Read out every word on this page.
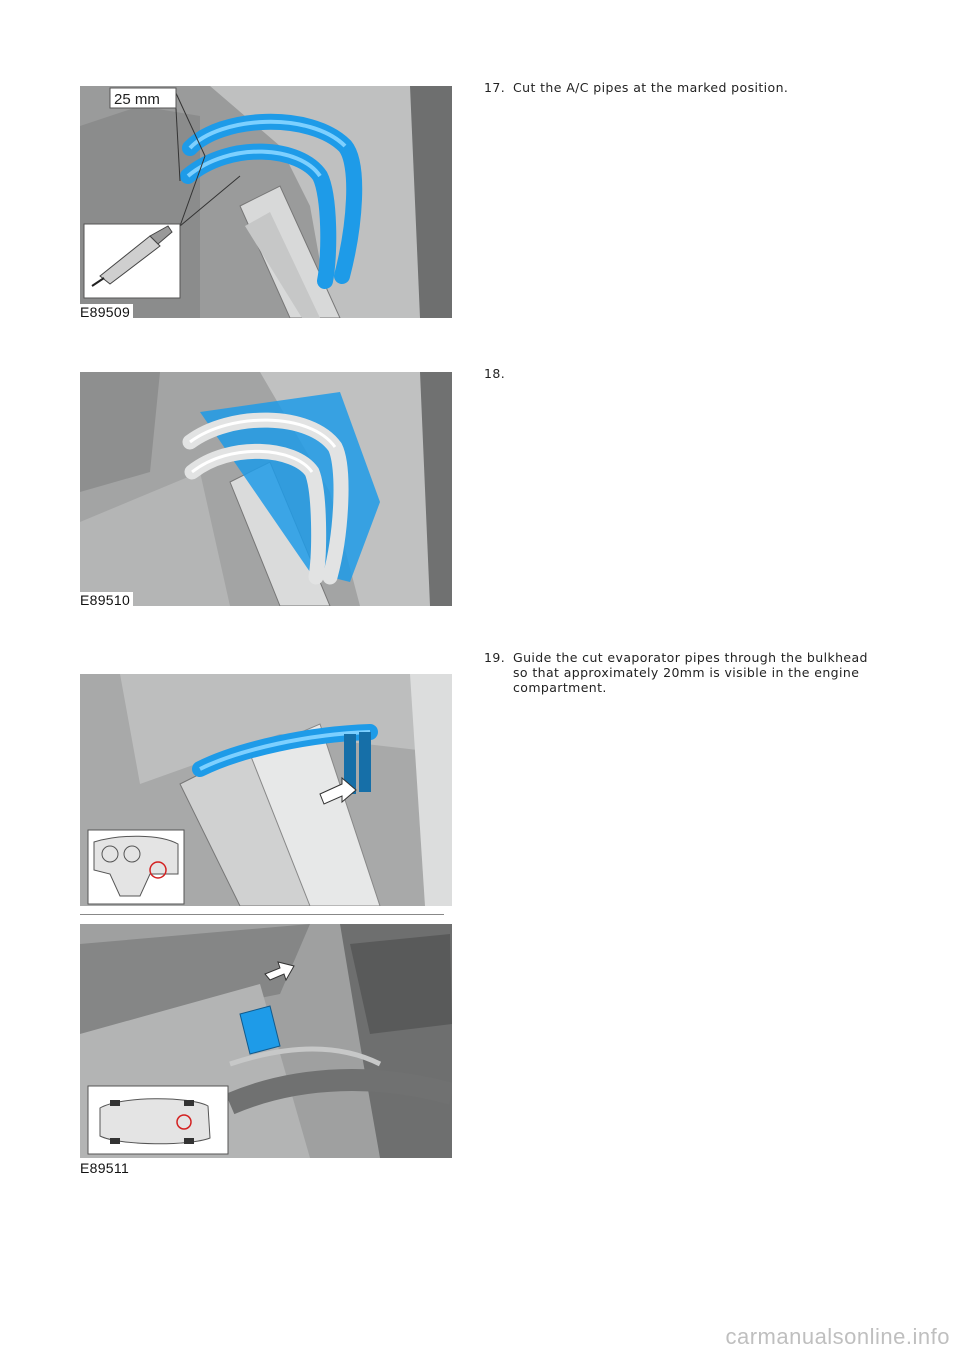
25 mm
E89509
17. Cut the A/C pipes at the marked position.
E89510
18.
E89511
19. Guide the cut evaporator pipes through the bulkhead so that approximately 20mm is visible in the engine compartment.
carmanualsonline.info
